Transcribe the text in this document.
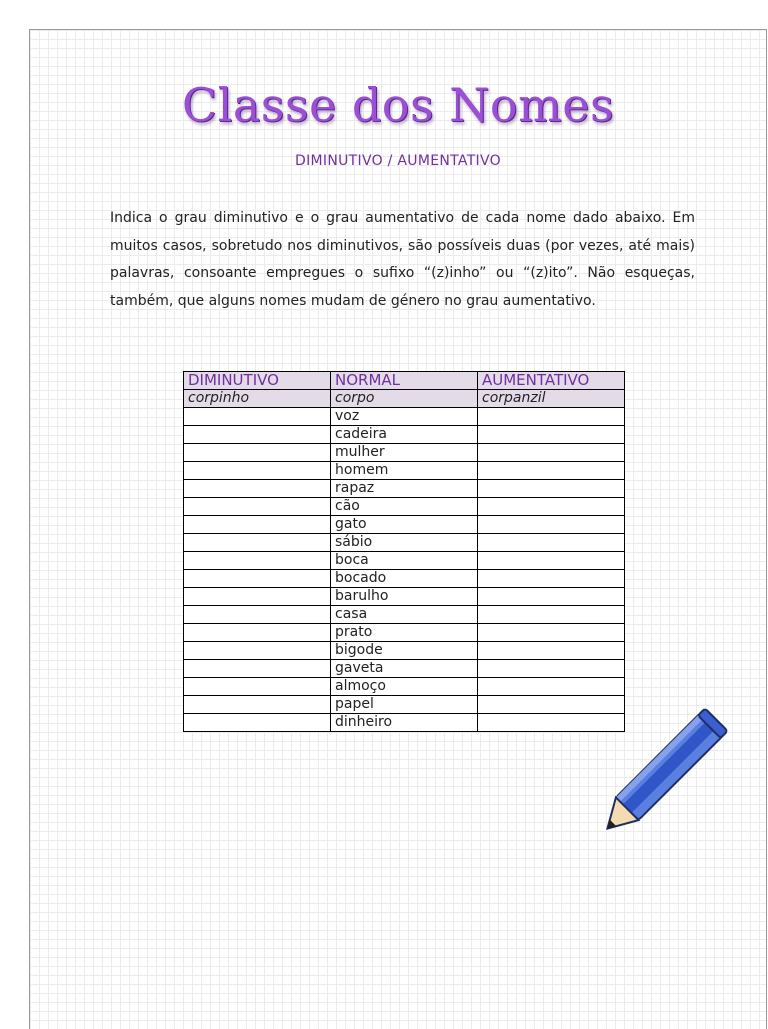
Classe dos Nomes
DIMINUTIVO / AUMENTATIVO
Indica o grau diminutivo e o grau aumentativo de cada nome dado abaixo. Em muitos casos, sobretudo nos diminutivos, são possíveis duas (por vezes, até mais) palavras, consoante empregues o sufixo “(z)inho” ou “(z)ito”. Não esqueças, também, que alguns nomes mudam de género no grau aumentativo.
DIMINUTIVO	NORMAL	AUMENTATIVO
corpinho	corpo	corpanzil
	voz	
	cadeira	
	mulher	
	homem	
	rapaz	
	cão	
	gato	
	sábio	
	boca	
	bocado	
	barulho	
	casa	
	prato	
	bigode	
	gaveta	
	almoço	
	papel	
	dinheiro	
